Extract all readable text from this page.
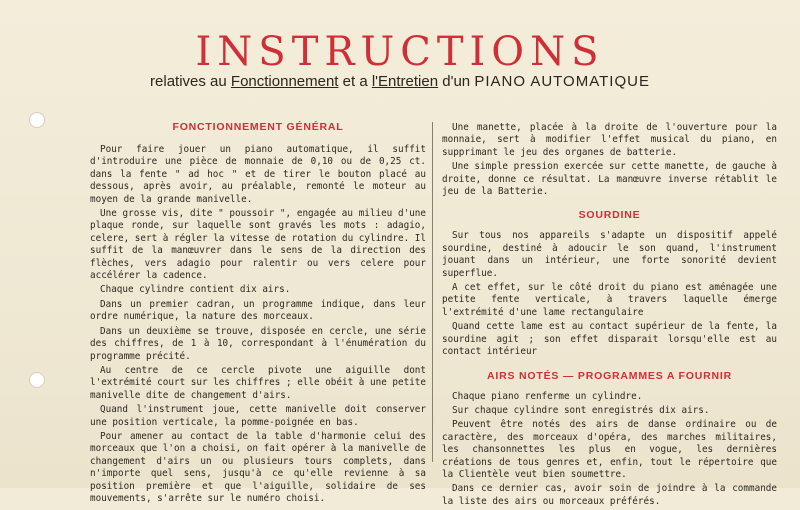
INSTRUCTIONS
relatives au Fonctionnement et a l'Entretien d'un PIANO AUTOMATIQUE
FONCTIONNEMENT GÉNÉRAL

Pour faire jouer un piano automatique, il suffit d'introduire une pièce de monnaie de 0,10 ou de 0,25 ct. dans la fente " ad hoc " et de tirer le bouton placé au dessous, après avoir, au préalable, remonté le moteur au moyen de la grande manivelle.

Une grosse vis, dite " poussoir ", engagée au milieu d'une plaque ronde, sur laquelle sont gravés les mots : adagio, celere, sert à régler la vitesse de rotation du cylindre. Il suffit de la manœuvrer dans le sens de la direction des flèches, vers adagio pour ralentir ou vers celere pour accélérer la cadence.

Chaque cylindre contient dix airs.

Dans un premier cadran, un programme indique, dans leur ordre numérique, la nature des morceaux.

Dans un deuxième se trouve, disposée en cercle, une série des chiffres, de 1 à 10, correspondant à l'énumération du programme précité.

Au centre de ce cercle pivote une aiguille dont l'extrémité court sur les chiffres ; elle obéit à une petite manivelle dite de changement d'airs.

Quand l'instrument joue, cette manivelle doit conserver une position verticale, la pomme-poignée en bas.

Pour amener au contact de la table d'harmonie celui des morceaux que l'on a choisi, on fait opérer à la manivelle de changement d'airs un ou plusieurs tours complets, dans n'importe quel sens, jusqu'à ce qu'elle revienne à sa position première et que l'aiguille, solidaire de ses mouvements, s'arrête sur le numéro choisi.

Une manette, placée à la droite de l'ouverture pour la monnaie, sert à modifier l'effet musical du piano, en supprimant le jeu des organes de batterie.

Une simple pression exercée sur cette manette, de gauche à droite, donne ce résultat. La manœuvre inverse rétablit le jeu de la Batterie.

SOURDINE

Sur tous nos appareils s'adapte un dispositif appelé sourdine, destiné à adoucir le son quand, l'instrument jouant dans un intérieur, une forte sonorité devient superflue.

A cet effet, sur le côté droit du piano est aménagée une petite fente verticale, à travers laquelle émerge l'extrémité d'une lame rectangulaire

Quand cette lame est au contact supérieur de la fente, la sourdine agit ; son effet disparait lorsqu'elle est au contact intérieur

AIRS NOTÉS — PROGRAMMES A FOURNIR

Chaque piano renferme un cylindre.

Sur chaque cylindre sont enregistrés dix airs.

Peuvent être notés des airs de danse ordinaire ou de caractère, des morceaux d'opéra, des marches militaires, les chansonnettes les plus en vogue, les dernières créations de tous genres et, enfin, tout le répertoire que la Clientèle veut bien soumettre.

Dans ce dernier cas, avoir soin de joindre à la commande la liste des airs ou morceaux préférés.
